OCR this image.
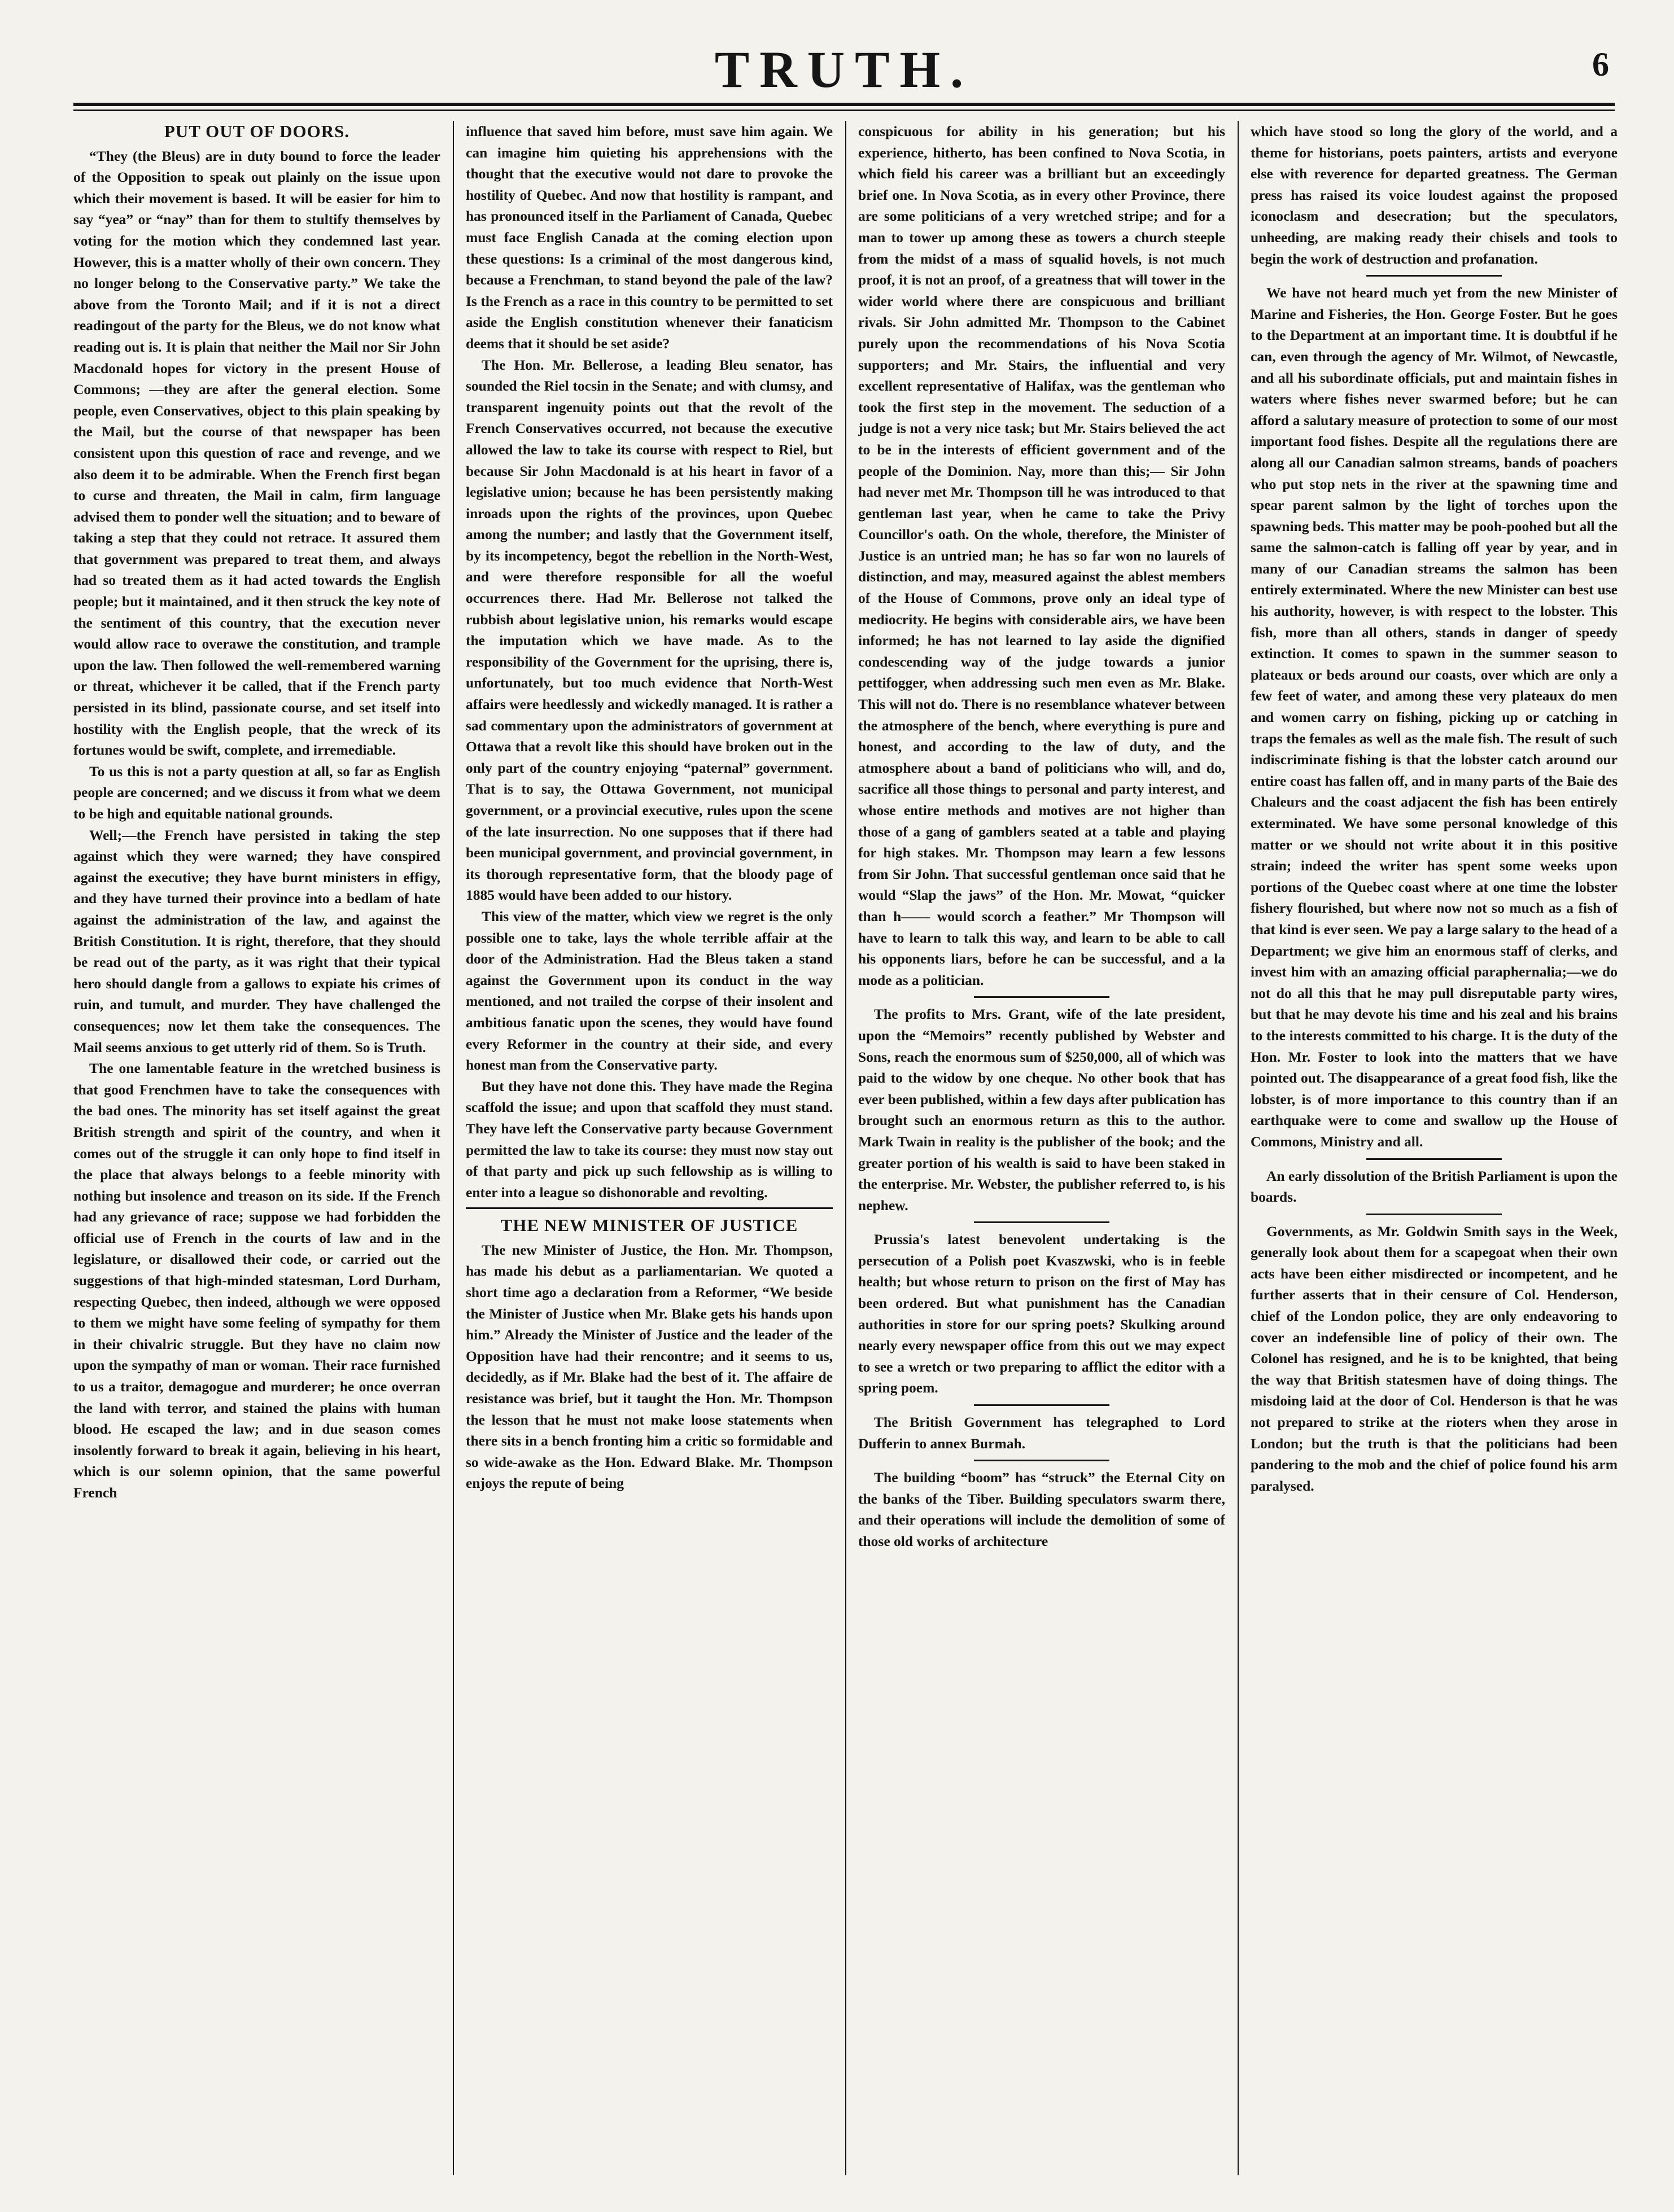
TRUTH.	6
PUT OUT OF DOORS.

“They (the Bleus) are in duty bound to force the leader of the Opposition to speak out plainly on the issue upon which their movement is based. It will be easier for him to say “yea” or “nay” than for them to stultify themselves by voting for the motion which they condemned last year. However, this is a matter wholly of their own concern. They no longer belong to the Conservative party.” We take the above from the Toronto Mail; and if it is not a direct readingout of the party for the Bleus, we do not know what reading out is. It is plain that neither the Mail nor Sir John Macdonald hopes for victory in the present House of Commons; —they are after the general election. Some people, even Conservatives, object to this plain speaking by the Mail, but the course of that newspaper has been consistent upon this question of race and revenge, and we also deem it to be admirable. When the French first began to curse and threaten, the Mail in calm, firm language advised them to ponder well the situation; and to beware of taking a step that they could not retrace. It assured them that government was prepared to treat them, and always had so treated them as it had acted towards the English people; but it maintained, and it then struck the key note of the sentiment of this country, that the execution never would allow race to overawe the constitution, and trample upon the law. Then followed the well-remembered warning or threat, whichever it be called, that if the French party persisted in its blind, passionate course, and set itself into hostility with the English people, that the wreck of its fortunes would be swift, complete, and irremediable.

To us this is not a party question at all, so far as English people are concerned; and we discuss it from what we deem to be high and equitable national grounds.

Well;—the French have persisted in taking the step against which they were warned; they have conspired against the executive; they have burnt ministers in effigy, and they have turned their province into a bedlam of hate against the administration of the law, and against the British Constitution. It is right, therefore, that they should be read out of the party, as it was right that their typical hero should dangle from a gallows to expiate his crimes of ruin, and tumult, and murder. They have challenged the consequences; now let them take the consequences. The Mail seems anxious to get utterly rid of them. So is Truth.

The one lamentable feature in the wretched business is that good Frenchmen have to take the consequences with the bad ones. The minority has set itself against the great British strength and spirit of the country, and when it comes out of the struggle it can only hope to find itself in the place that always belongs to a feeble minority with nothing but insolence and treason on its side. If the French had any grievance of race; suppose we had forbidden the official use of French in the courts of law and in the legislature, or disallowed their code, or carried out the suggestions of that high-minded statesman, Lord Durham, respecting Quebec, then indeed, although we were opposed to them we might have some feeling of sympathy for them in their chivalric struggle. But they have no claim now upon the sympathy of man or woman. Their race furnished to us a traitor, demagogue and murderer; he once overran the land with terror, and stained the plains with human blood. He escaped the law; and in due season comes insolently forward to break it again, believing in his heart, which is our solemn opinion, that the same powerful French

influence that saved him before, must save him again. We can imagine him quieting his apprehensions with the thought that the executive would not dare to provoke the hostility of Quebec. And now that hostility is rampant, and has pronounced itself in the Parliament of Canada, Quebec must face English Canada at the coming election upon these questions: Is a criminal of the most dangerous kind, because a Frenchman, to stand beyond the pale of the law? Is the French as a race in this country to be permitted to set aside the English constitution whenever their fanaticism deems that it should be set aside?

The Hon. Mr. Bellerose, a leading Bleu senator, has sounded the Riel tocsin in the Senate; and with clumsy, and transparent ingenuity points out that the revolt of the French Conservatives occurred, not because the executive allowed the law to take its course with respect to Riel, but because Sir John Macdonald is at his heart in favor of a legislative union; because he has been persistently making inroads upon the rights of the provinces, upon Quebec among the number; and lastly that the Government itself, by its incompetency, begot the rebellion in the North-West, and were therefore responsible for all the woeful occurrences there. Had Mr. Bellerose not talked the rubbish about legislative union, his remarks would escape the imputation which we have made. As to the responsibility of the Government for the uprising, there is, unfortunately, but too much evidence that North-West affairs were heedlessly and wickedly managed. It is rather a sad commentary upon the administrators of government at Ottawa that a revolt like this should have broken out in the only part of the country enjoying “paternal” government. That is to say, the Ottawa Government, not municipal government, or a provincial executive, rules upon the scene of the late insurrection. No one supposes that if there had been municipal government, and provincial government, in its thorough representative form, that the bloody page of 1885 would have been added to our history.

This view of the matter, which view we regret is the only possible one to take, lays the whole terrible affair at the door of the Administration. Had the Bleus taken a stand against the Government upon its conduct in the way mentioned, and not trailed the corpse of their insolent and ambitious fanatic upon the scenes, they would have found every Reformer in the country at their side, and every honest man from the Conservative party.

But they have not done this. They have made the Regina scaffold the issue; and upon that scaffold they must stand. They have left the Conservative party because Government permitted the law to take its course: they must now stay out of that party and pick up such fellowship as is willing to enter into a league so dishonorable and revolting.

THE NEW MINISTER OF JUSTICE

The new Minister of Justice, the Hon. Mr. Thompson, has made his debut as a parliamentarian. We quoted a short time ago a declaration from a Reformer, “We beside the Minister of Justice when Mr. Blake gets his hands upon him.” Already the Minister of Justice and the leader of the Opposition have had their rencontre; and it seems to us, decidedly, as if Mr. Blake had the best of it. The affaire de resistance was brief, but it taught the Hon. Mr. Thompson the lesson that he must not make loose statements when there sits in a bench fronting him a critic so formidable and so wide-awake as the Hon. Edward Blake. Mr. Thompson enjoys the repute of being

conspicuous for ability in his generation; but his experience, hitherto, has been confined to Nova Scotia, in which field his career was a brilliant but an exceedingly brief one. In Nova Scotia, as in every other Province, there are some politicians of a very wretched stripe; and for a man to tower up among these as towers a church steeple from the midst of a mass of squalid hovels, is not much proof, it is not an proof, of a greatness that will tower in the wider world where there are conspicuous and brilliant rivals. Sir John admitted Mr. Thompson to the Cabinet purely upon the recommendations of his Nova Scotia supporters; and Mr. Stairs, the influential and very excellent representative of Halifax, was the gentleman who took the first step in the movement. The seduction of a judge is not a very nice task; but Mr. Stairs believed the act to be in the interests of efficient government and of the people of the Dominion. Nay, more than this;— Sir John had never met Mr. Thompson till he was introduced to that gentleman last year, when he came to take the Privy Councillor's oath. On the whole, therefore, the Minister of Justice is an untried man; he has so far won no laurels of distinction, and may, measured against the ablest members of the House of Commons, prove only an ideal type of mediocrity. He begins with considerable airs, we have been informed; he has not learned to lay aside the dignified condescending way of the judge towards a junior pettifogger, when addressing such men even as Mr. Blake. This will not do. There is no resemblance whatever between the atmosphere of the bench, where everything is pure and honest, and according to the law of duty, and the atmosphere about a band of politicians who will, and do, sacrifice all those things to personal and party interest, and whose entire methods and motives are not higher than those of a gang of gamblers seated at a table and playing for high stakes. Mr. Thompson may learn a few lessons from Sir John. That successful gentleman once said that he would “Slap the jaws” of the Hon. Mr. Mowat, “quicker than h—— would scorch a feather.” Mr Thompson will have to learn to talk this way, and learn to be able to call his opponents liars, before he can be successful, and a la mode as a politician.

The profits to Mrs. Grant, wife of the late president, upon the “Memoirs” recently published by Webster and Sons, reach the enormous sum of $250,000, all of which was paid to the widow by one cheque. No other book that has ever been published, within a few days after publication has brought such an enormous return as this to the author. Mark Twain in reality is the publisher of the book; and the greater portion of his wealth is said to have been staked in the enterprise. Mr. Webster, the publisher referred to, is his nephew.

Prussia's latest benevolent undertaking is the persecution of a Polish poet Kvaszwski, who is in feeble health; but whose return to prison on the first of May has been ordered. But what punishment has the Canadian authorities in store for our spring poets? Skulking around nearly every newspaper office from this out we may expect to see a wretch or two preparing to afflict the editor with a spring poem.

The British Government has telegraphed to Lord Dufferin to annex Burmah.

The building “boom” has “struck” the Eternal City on the banks of the Tiber. Building speculators swarm there, and their operations will include the demolition of some of those old works of architecture

which have stood so long the glory of the world, and a theme for historians, poets painters, artists and everyone else with reverence for departed greatness. The German press has raised its voice loudest against the proposed iconoclasm and desecration; but the speculators, unheeding, are making ready their chisels and tools to begin the work of destruction and profanation.

We have not heard much yet from the new Minister of Marine and Fisheries, the Hon. George Foster. But he goes to the Department at an important time. It is doubtful if he can, even through the agency of Mr. Wilmot, of Newcastle, and all his subordinate officials, put and maintain fishes in waters where fishes never swarmed before; but he can afford a salutary measure of protection to some of our most important food fishes. Despite all the regulations there are along all our Canadian salmon streams, bands of poachers who put stop nets in the river at the spawning time and spear parent salmon by the light of torches upon the spawning beds. This matter may be pooh-poohed but all the same the salmon-catch is falling off year by year, and in many of our Canadian streams the salmon has been entirely exterminated. Where the new Minister can best use his authority, however, is with respect to the lobster. This fish, more than all others, stands in danger of speedy extinction. It comes to spawn in the summer season to plateaux or beds around our coasts, over which are only a few feet of water, and among these very plateaux do men and women carry on fishing, picking up or catching in traps the females as well as the male fish. The result of such indiscriminate fishing is that the lobster catch around our entire coast has fallen off, and in many parts of the Baie des Chaleurs and the coast adjacent the fish has been entirely exterminated. We have some personal knowledge of this matter or we should not write about it in this positive strain; indeed the writer has spent some weeks upon portions of the Quebec coast where at one time the lobster fishery flourished, but where now not so much as a fish of that kind is ever seen. We pay a large salary to the head of a Department; we give him an enormous staff of clerks, and invest him with an amazing official paraphernalia;—we do not do all this that he may pull disreputable party wires, but that he may devote his time and his zeal and his brains to the interests committed to his charge. It is the duty of the Hon. Mr. Foster to look into the matters that we have pointed out. The disappearance of a great food fish, like the lobster, is of more importance to this country than if an earthquake were to come and swallow up the House of Commons, Ministry and all.

An early dissolution of the British Parliament is upon the boards.

Governments, as Mr. Goldwin Smith says in the Week, generally look about them for a scapegoat when their own acts have been either misdirected or incompetent, and he further asserts that in their censure of Col. Henderson, chief of the London police, they are only endeavoring to cover an indefensible line of policy of their own. The Colonel has resigned, and he is to be knighted, that being the way that British statesmen have of doing things. The misdoing laid at the door of Col. Henderson is that he was not prepared to strike at the rioters when they arose in London; but the truth is that the politicians had been pandering to the mob and the chief of police found his arm paralysed.
